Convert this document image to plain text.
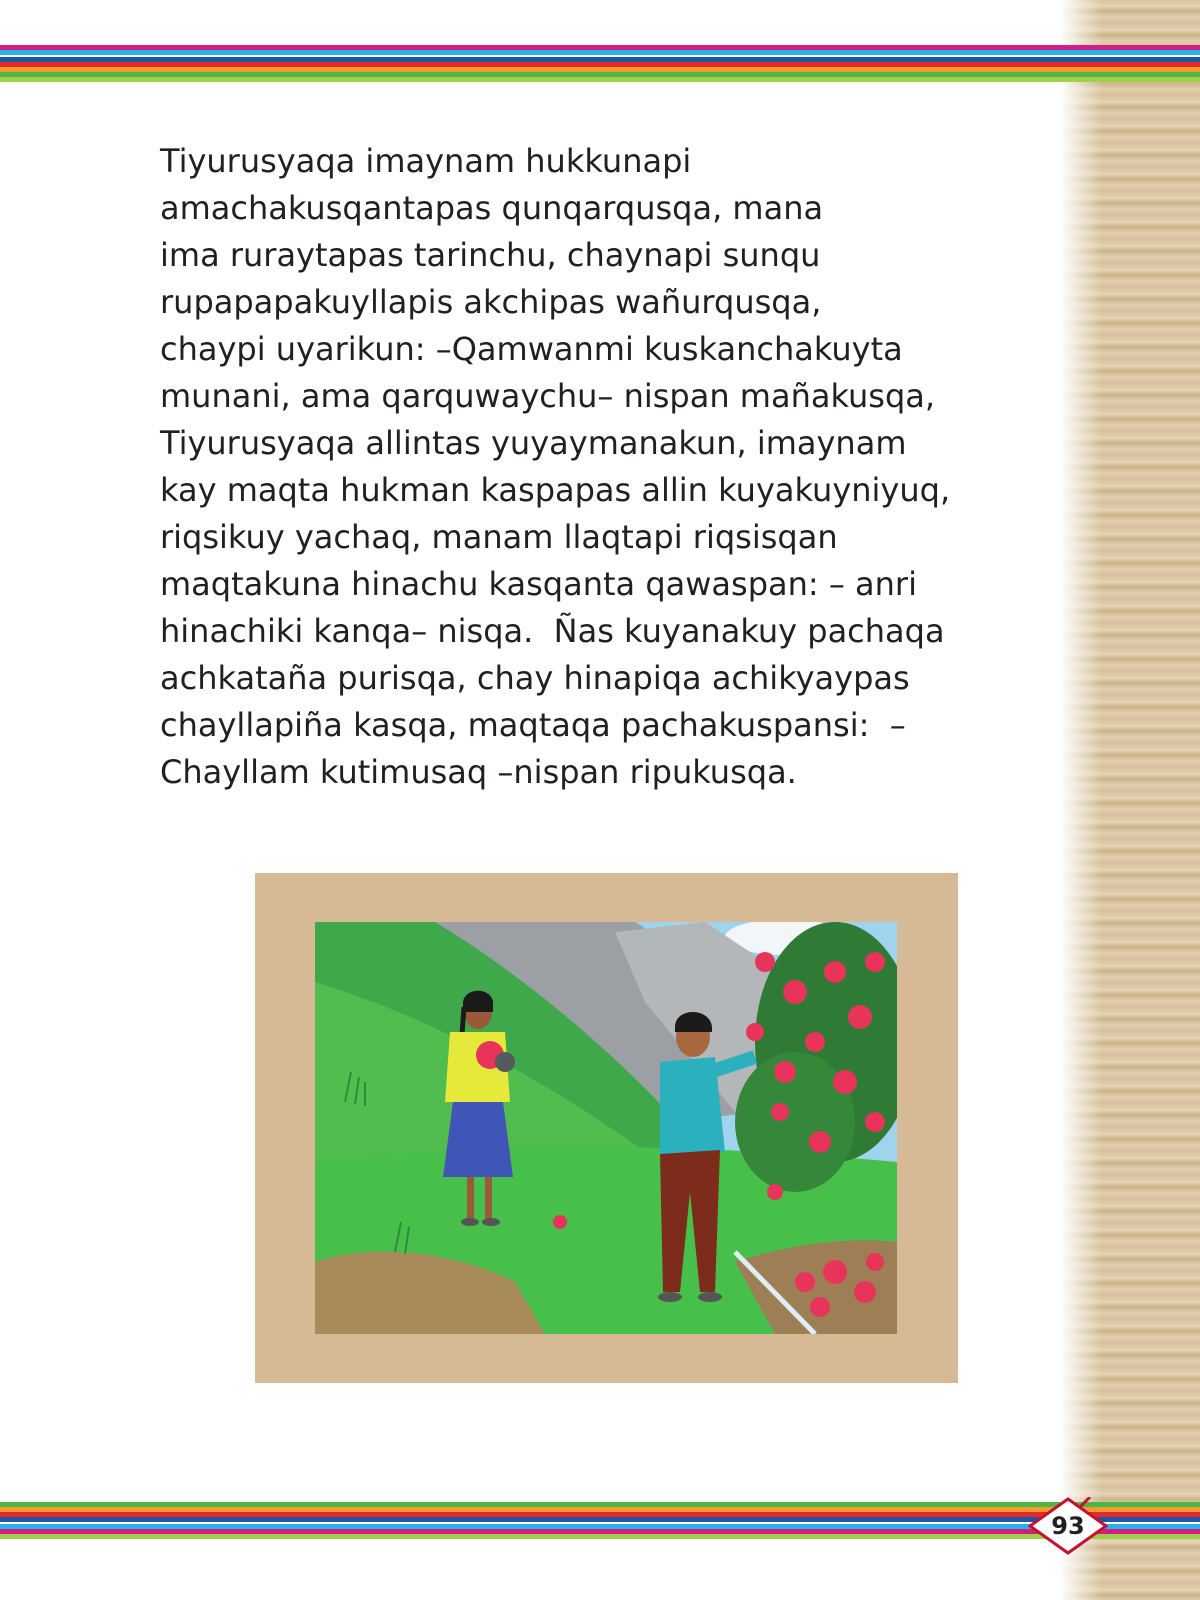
Tiyurusyaqa imaynam hukkunapi
amachakusqantapas qunqarqusqa, mana
ima ruraytapas tarinchu, chaynapi sunqu
rupapapakuyllapis akchipas wañurqusqa,
chaypi uyarikun: –Qamwanmi kuskanchakuyta
munani, ama qarquwaychu– nispan mañakusqa,
Tiyurusyaqa allintas yuyaymanakun, imaynam
kay maqta hukman kaspapas allin kuyakuyniyuq,
riqsikuy yachaq, manam llaqtapi riqsisqan
maqtakuna hinachu kasqanta qawaspan: – anri
hinachiki kanqa– nisqa.  Ñas kuyanakuy pachaqa
achkataña purisqa, chay hinapiqa achikyaypas
chayllapiña kasqa, maqtaqa pachakuspansi:  –
Chayllam kutimusaq –nispan ripukusqa.
93
